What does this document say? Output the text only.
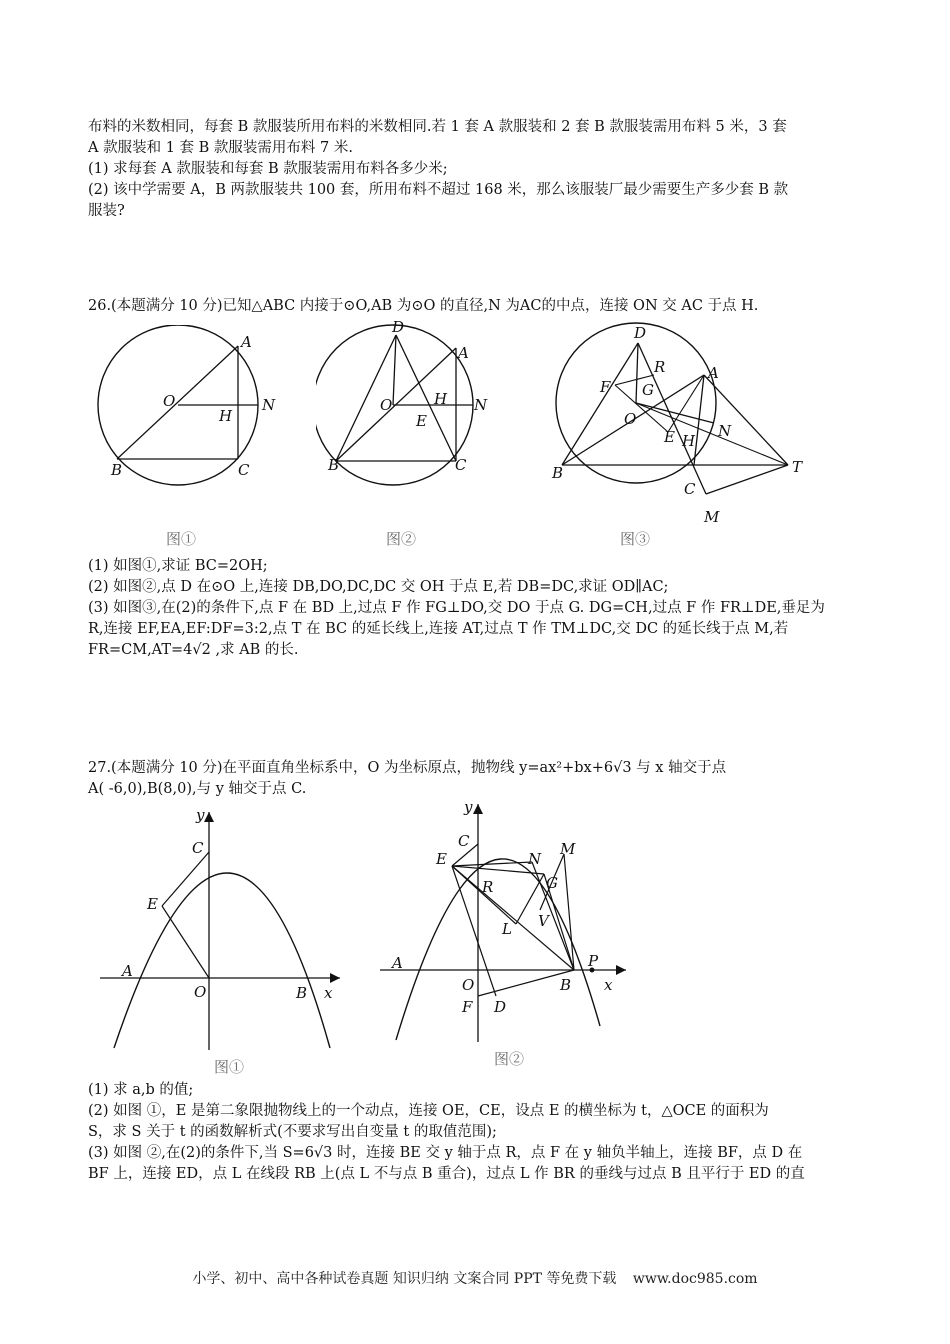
布料的米数相同，每套 B 款服装所用布料的米数相同.若 1 套 A 款服装和 2 套 B 款服装需用布料 5 米，3 套
A 款服装和 1 套 B 款服装需用布料 7 米.
(1) 求每套 A 款服装和每套 B 款服装需用布料各多少米;
(2) 该中学需要 A，B 两款服装共 100 套，所用布料不超过 168 米，那么该服装厂最少需要生产多少套 B 款
服装?
26.(本题满分 10 分)已知△ABC 内接于⊙O,AB 为⊙O 的直径,N 为AC的中点，连接 ON 交 AC 于点 H.
A
O
H
N
B	C
图①
D
A
O	H
E
N
B	C
图②
D
R	A
F G
O
E H
N
B
C
T
M
图③
(1) 如图①,求证 BC=2OH;
(2) 如图②,点 D 在⊙O 上,连接 DB,DO,DC,DC 交 OH 于点 E,若 DB=DC,求证 OD∥AC;
(3) 如图③,在(2)的条件下,点 F 在 BD 上,过点 F 作 FG⊥DO,交 DO 于点 G. DG=CH,过点 F 作 FR⊥DE,垂足为
R,连接 EF,EA,EF:DF=3:2,点 T 在 BC 的延长线上,连接 AT,过点 T 作 TM⊥DC,交 DC 的延长线于点 M,若
FR=CM,AT=4√2 ,求 AB 的长.
27.(本题满分 10 分)在平面直角坐标系中，O 为坐标原点，抛物线 y=ax²+bx+6√3 与 x 轴交于点
A( -6,0),B(8,0),与 y 轴交于点 C.
y
C
E
A
O	B x
图①
y
C
E
R
N
M
G
V
L
A
O	B
P
x
F D
图②
(1) 求 a,b 的值;
(2) 如图 ①，E 是第二象限抛物线上的一个动点，连接 OE，CE，设点 E 的横坐标为 t，△OCE 的面积为
S，求 S 关于 t 的函数解析式(不要求写出自变量 t 的取值范围);
(3) 如图 ②,在(2)的条件下,当 S=6√3 时，连接 BE 交 y 轴于点 R，点 F 在 y 轴负半轴上，连接 BF，点 D 在
BF 上，连接 ED，点 L 在线段 RB 上(点 L 不与点 B 重合)，过点 L 作 BR 的垂线与过点 B 且平行于 ED 的直
小学、初中、高中各种试卷真题 知识归纳 文案合同 PPT 等免费下载 www.doc985.com
